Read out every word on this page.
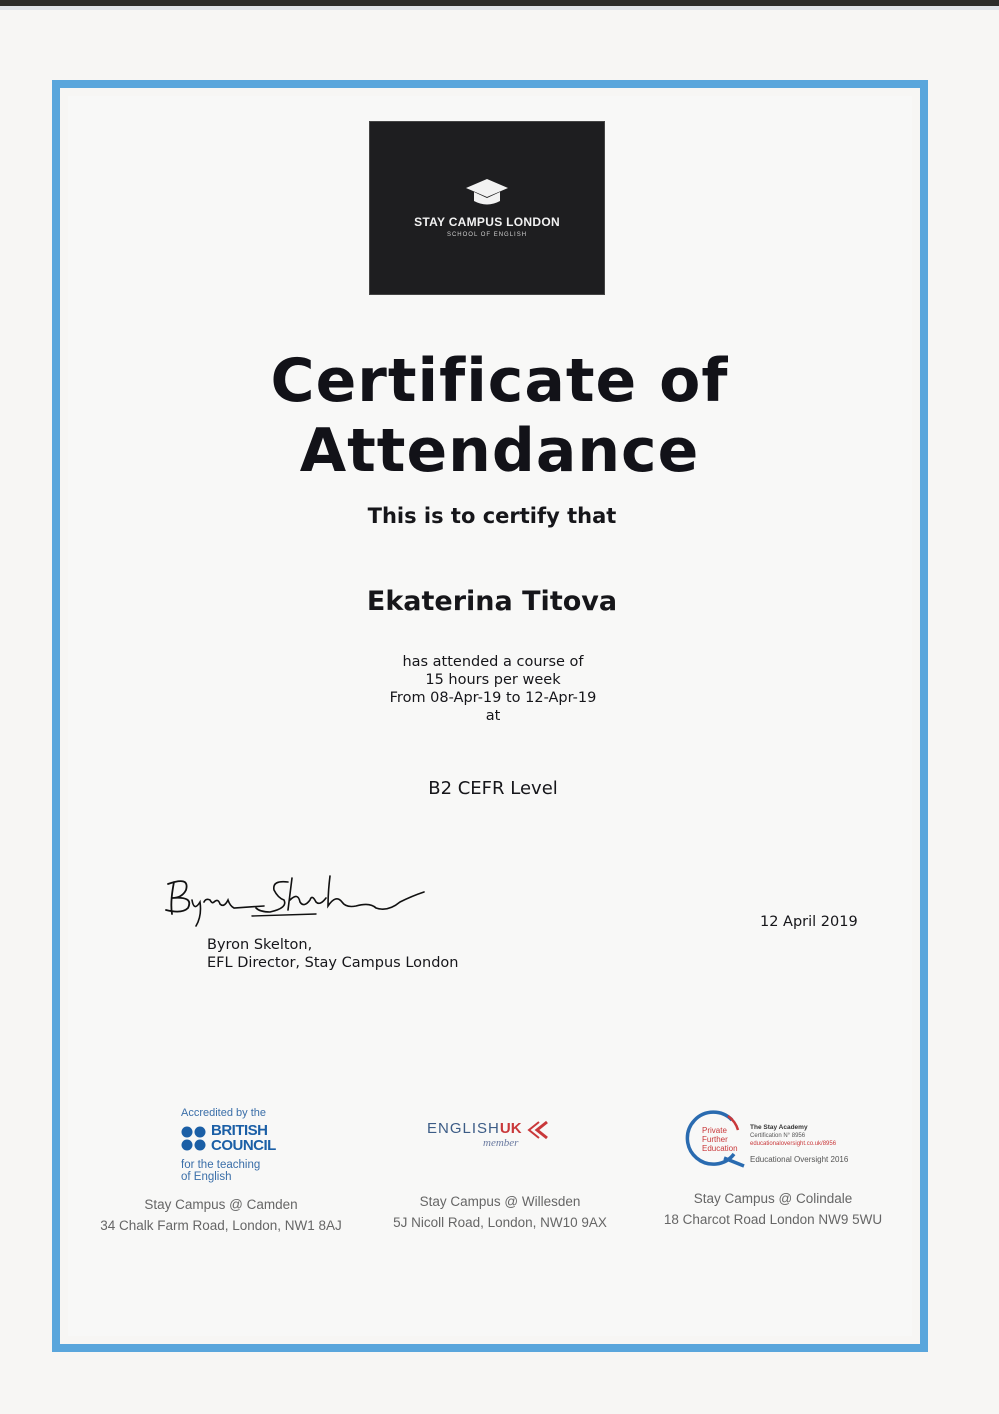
STAY CAMPUS LONDON
SCHOOL OF ENGLISH
Certificate of Attendance
This is to certify that
Ekaterina Titova
has attended a course of
15 hours per week
From 08-Apr-19 to 12-Apr-19
at
B2 CEFR Level
Byron Skelton,
EFL Director, Stay Campus London
12 April 2019
Accredited by the
BRITISH
COUNCIL
for the teaching
of English
ENGLISHUK
member
Private
Further
Education
The Stay Academy
Certification N° 8956
educationaloversight.co.uk/8956
Educational Oversight 2016
Stay Campus @ Camden
34 Chalk Farm Road, London, NW1 8AJ
Stay Campus @ Willesden
5J Nicoll Road, London, NW10 9AX
Stay Campus @ Colindale
18 Charcot Road London NW9 5WU
